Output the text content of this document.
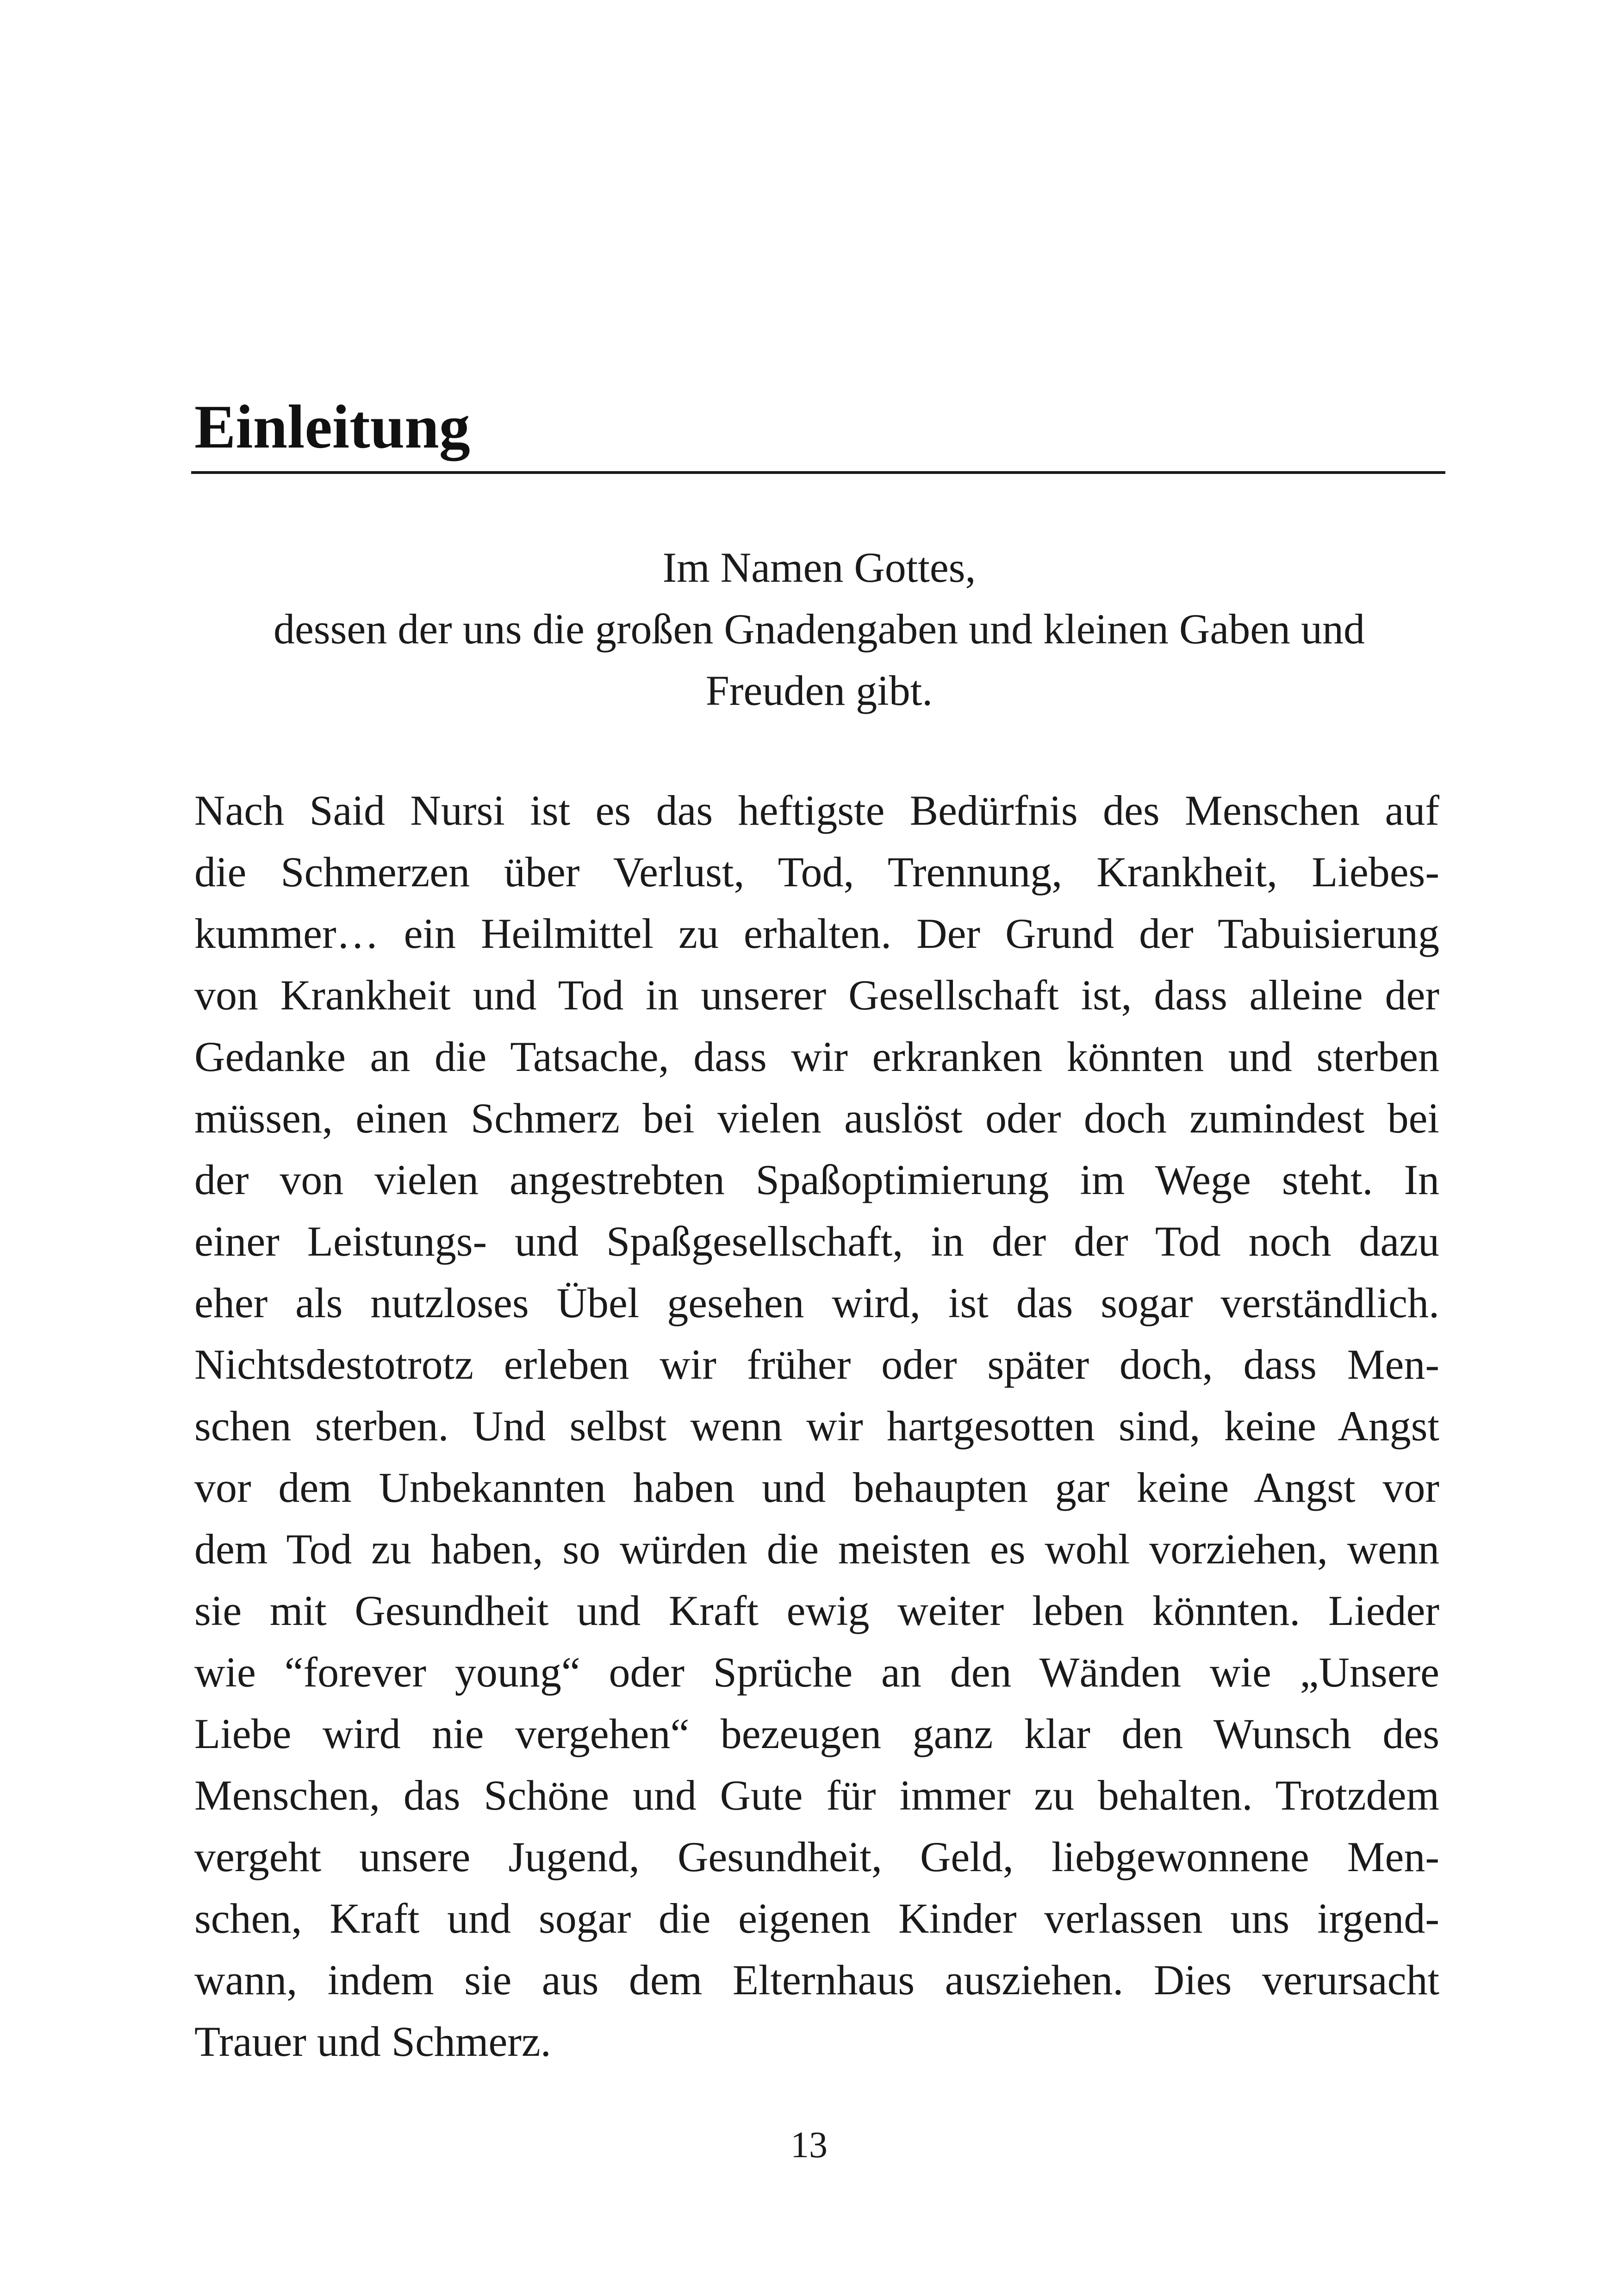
Einleitung
Im Namen Gottes,
dessen der uns die großen Gnadengaben und kleinen Gaben und
Freuden gibt.
Nach Said Nursi ist es das heftigste Bedürfnis des Menschen auf
die Schmerzen über Verlust, Tod, Trennung, Krankheit, Liebes-
kummer… ein Heilmittel zu erhalten. Der Grund der Tabuisierung
von Krankheit und Tod in unserer Gesellschaft ist, dass alleine der
Gedanke an die Tatsache, dass wir erkranken könnten und sterben
müssen, einen Schmerz bei vielen auslöst oder doch zumindest bei
der von vielen angestrebten Spaßoptimierung im Wege steht. In
einer Leistungs- und Spaßgesellschaft, in der der Tod noch dazu
eher als nutzloses Übel gesehen wird, ist das sogar verständlich.
Nichtsdestotrotz erleben wir früher oder später doch, dass Men-
schen sterben. Und selbst wenn wir hartgesotten sind, keine Angst
vor dem Unbekannten haben und behaupten gar keine Angst vor
dem Tod zu haben, so würden die meisten es wohl vorziehen, wenn
sie mit Gesundheit und Kraft ewig weiter leben könnten. Lieder
wie “forever young“ oder Sprüche an den Wänden wie „Unsere
Liebe wird nie vergehen“ bezeugen ganz klar den Wunsch des
Menschen, das Schöne und Gute für immer zu behalten. Trotzdem
vergeht unsere Jugend, Gesundheit, Geld, liebgewonnene Men-
schen, Kraft und sogar die eigenen Kinder verlassen uns irgend-
wann, indem sie aus dem Elternhaus ausziehen. Dies verursacht
Trauer und Schmerz.
13
